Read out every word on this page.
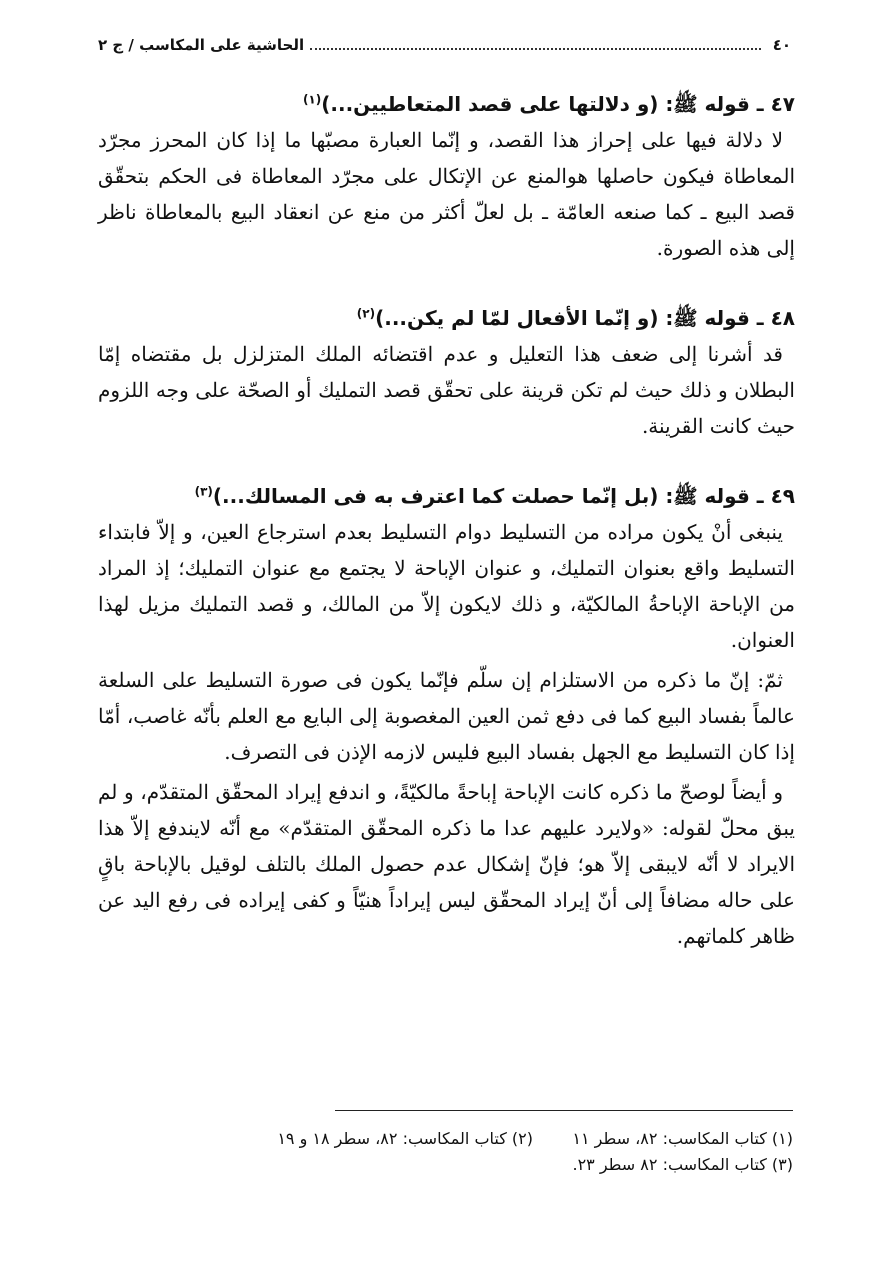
٤٠
الحاشية على المكاسب / ج ٢

٤٧ ـ قوله ﷺ: (و دلالتها على قصد المتعاطيين...)$^{(١)}$

لا دلالة فيها على إحراز هذا القصد، و إنّما العبارة مصبّها ما إذا كان المحرز مجرّد المعاطاة فيكون حاصلها هوالمنع عن الإتكال على مجرّد المعاطاة فى الحكم بتحقّق قصد البيع ـ كما صنعه العامّة ـ بل لعلّ أكثر من منع عن انعقاد البيع بالمعاطاة ناظر إلى هذه الصورة.

٤٨ ـ قوله ﷺ: (و إنّما الأفعال لمّا لم يكن...)$^{(٢)}$

قد أشرنا إلى ضعف هذا التعليل و عدم اقتضائه الملك المتزلزل بل مقتضاه إمّا البطلان و ذلك حيث لم تكن قرينة على تحقّق قصد التمليك أو الصحّة على وجه اللزوم حيث كانت القرينة.

٤٩ ـ قوله ﷺ: (بل إنّما حصلت كما اعترف به فى المسالك...)$^{(٣)}$

ينبغى أنْ يكون مراده من التسليط دوام التسليط بعدم استرجاع العين، و إلاّ فابتداء التسليط واقع بعنوان التمليك، و عنوان الإباحة لا يجتمع مع عنوان التمليك؛ إذ المراد من الإباحة الإباحةُ المالكيّة، و ذلك لايكون إلاّ من المالك، و قصد التمليك مزيل لهذا العنوان.

ثمّ: إنّ ما ذكره من الاستلزام إن سلّم فإنّما يكون فى صورة التسليط على السلعة عالماً بفساد البيع كما فى دفع ثمن العين المغصوبة إلى البايع مع العلم بأنّه غاصب، أمّا إذا كان التسليط مع الجهل بفساد البيع فليس لازمه الإذن فى التصرف.

و أيضاً لوصحّ ما ذكره كانت الإباحة إباحةً مالكيّةً، و اندفع إيراد المحقّق المتقدّم، و لم يبق محلّ لقوله: «ولايرد عليهم عدا ما ذكره المحقّق المتقدّم» مع أنّه لايندفع إلاّ هذا الايراد لا أنّه لايبقى إلاّ هو؛ فإنّ إشكال عدم حصول الملك بالتلف لوقيل بالإباحة باقٍ على حاله مضافاً إلى أنّ إيراد المحقّق ليس إيراداً هنيّاً و كفى إيراده فى رفع اليد عن ظاهر كلماتهم.

(١) كتاب المكاسب: ٨٢، سطر ١١
(٢) كتاب المكاسب: ٨٢، سطر ١٨ و ١٩
(٣) كتاب المكاسب: ٨٢ سطر ٢٣.
